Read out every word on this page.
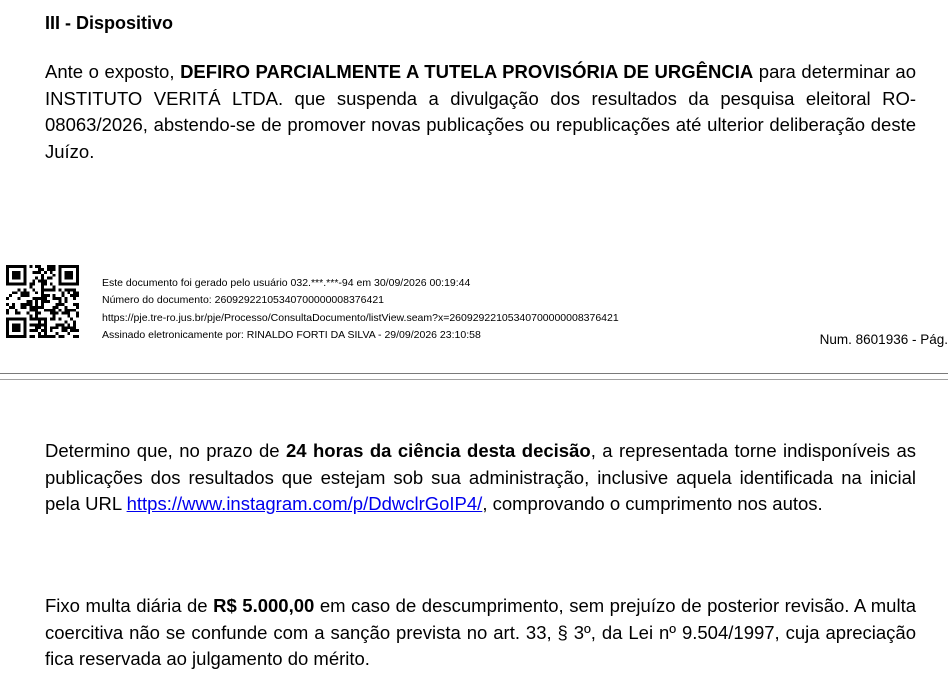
III - Dispositivo
Ante o exposto, DEFIRO PARCIALMENTE A TUTELA PROVISÓRIA DE URGÊNCIA para determinar ao INSTITUTO VERITÁ LTDA. que suspenda a divulgação dos resultados da pesquisa eleitoral RO-08063/2026, abstendo-se de promover novas publicações ou republicações até ulterior deliberação deste Juízo.
Este documento foi gerado pelo usuário 032.***.***-94 em 30/09/2026 00:19:44
Número do documento: 26092922105340700000008376421
https://pje.tre-ro.jus.br/pje/Processo/ConsultaDocumento/listView.seam?x=26092922105340700000008376421
Assinado eletronicamente por: RINALDO FORTI DA SILVA - 29/09/2026 23:10:58	Num. 8601936 - Pág.
Determino que, no prazo de 24 horas da ciência desta decisão, a representada torne indisponíveis as publicações dos resultados que estejam sob sua administração, inclusive aquela identificada na inicial pela URL https://www.instagram.com/p/DdwclrGoIP4/, comprovando o cumprimento nos autos.
Fixo multa diária de R$ 5.000,00 em caso de descumprimento, sem prejuízo de posterior revisão. A multa coercitiva não se confunde com a sanção prevista no art. 33, § 3º, da Lei nº 9.504/1997, cuja apreciação fica reservada ao julgamento do mérito.
